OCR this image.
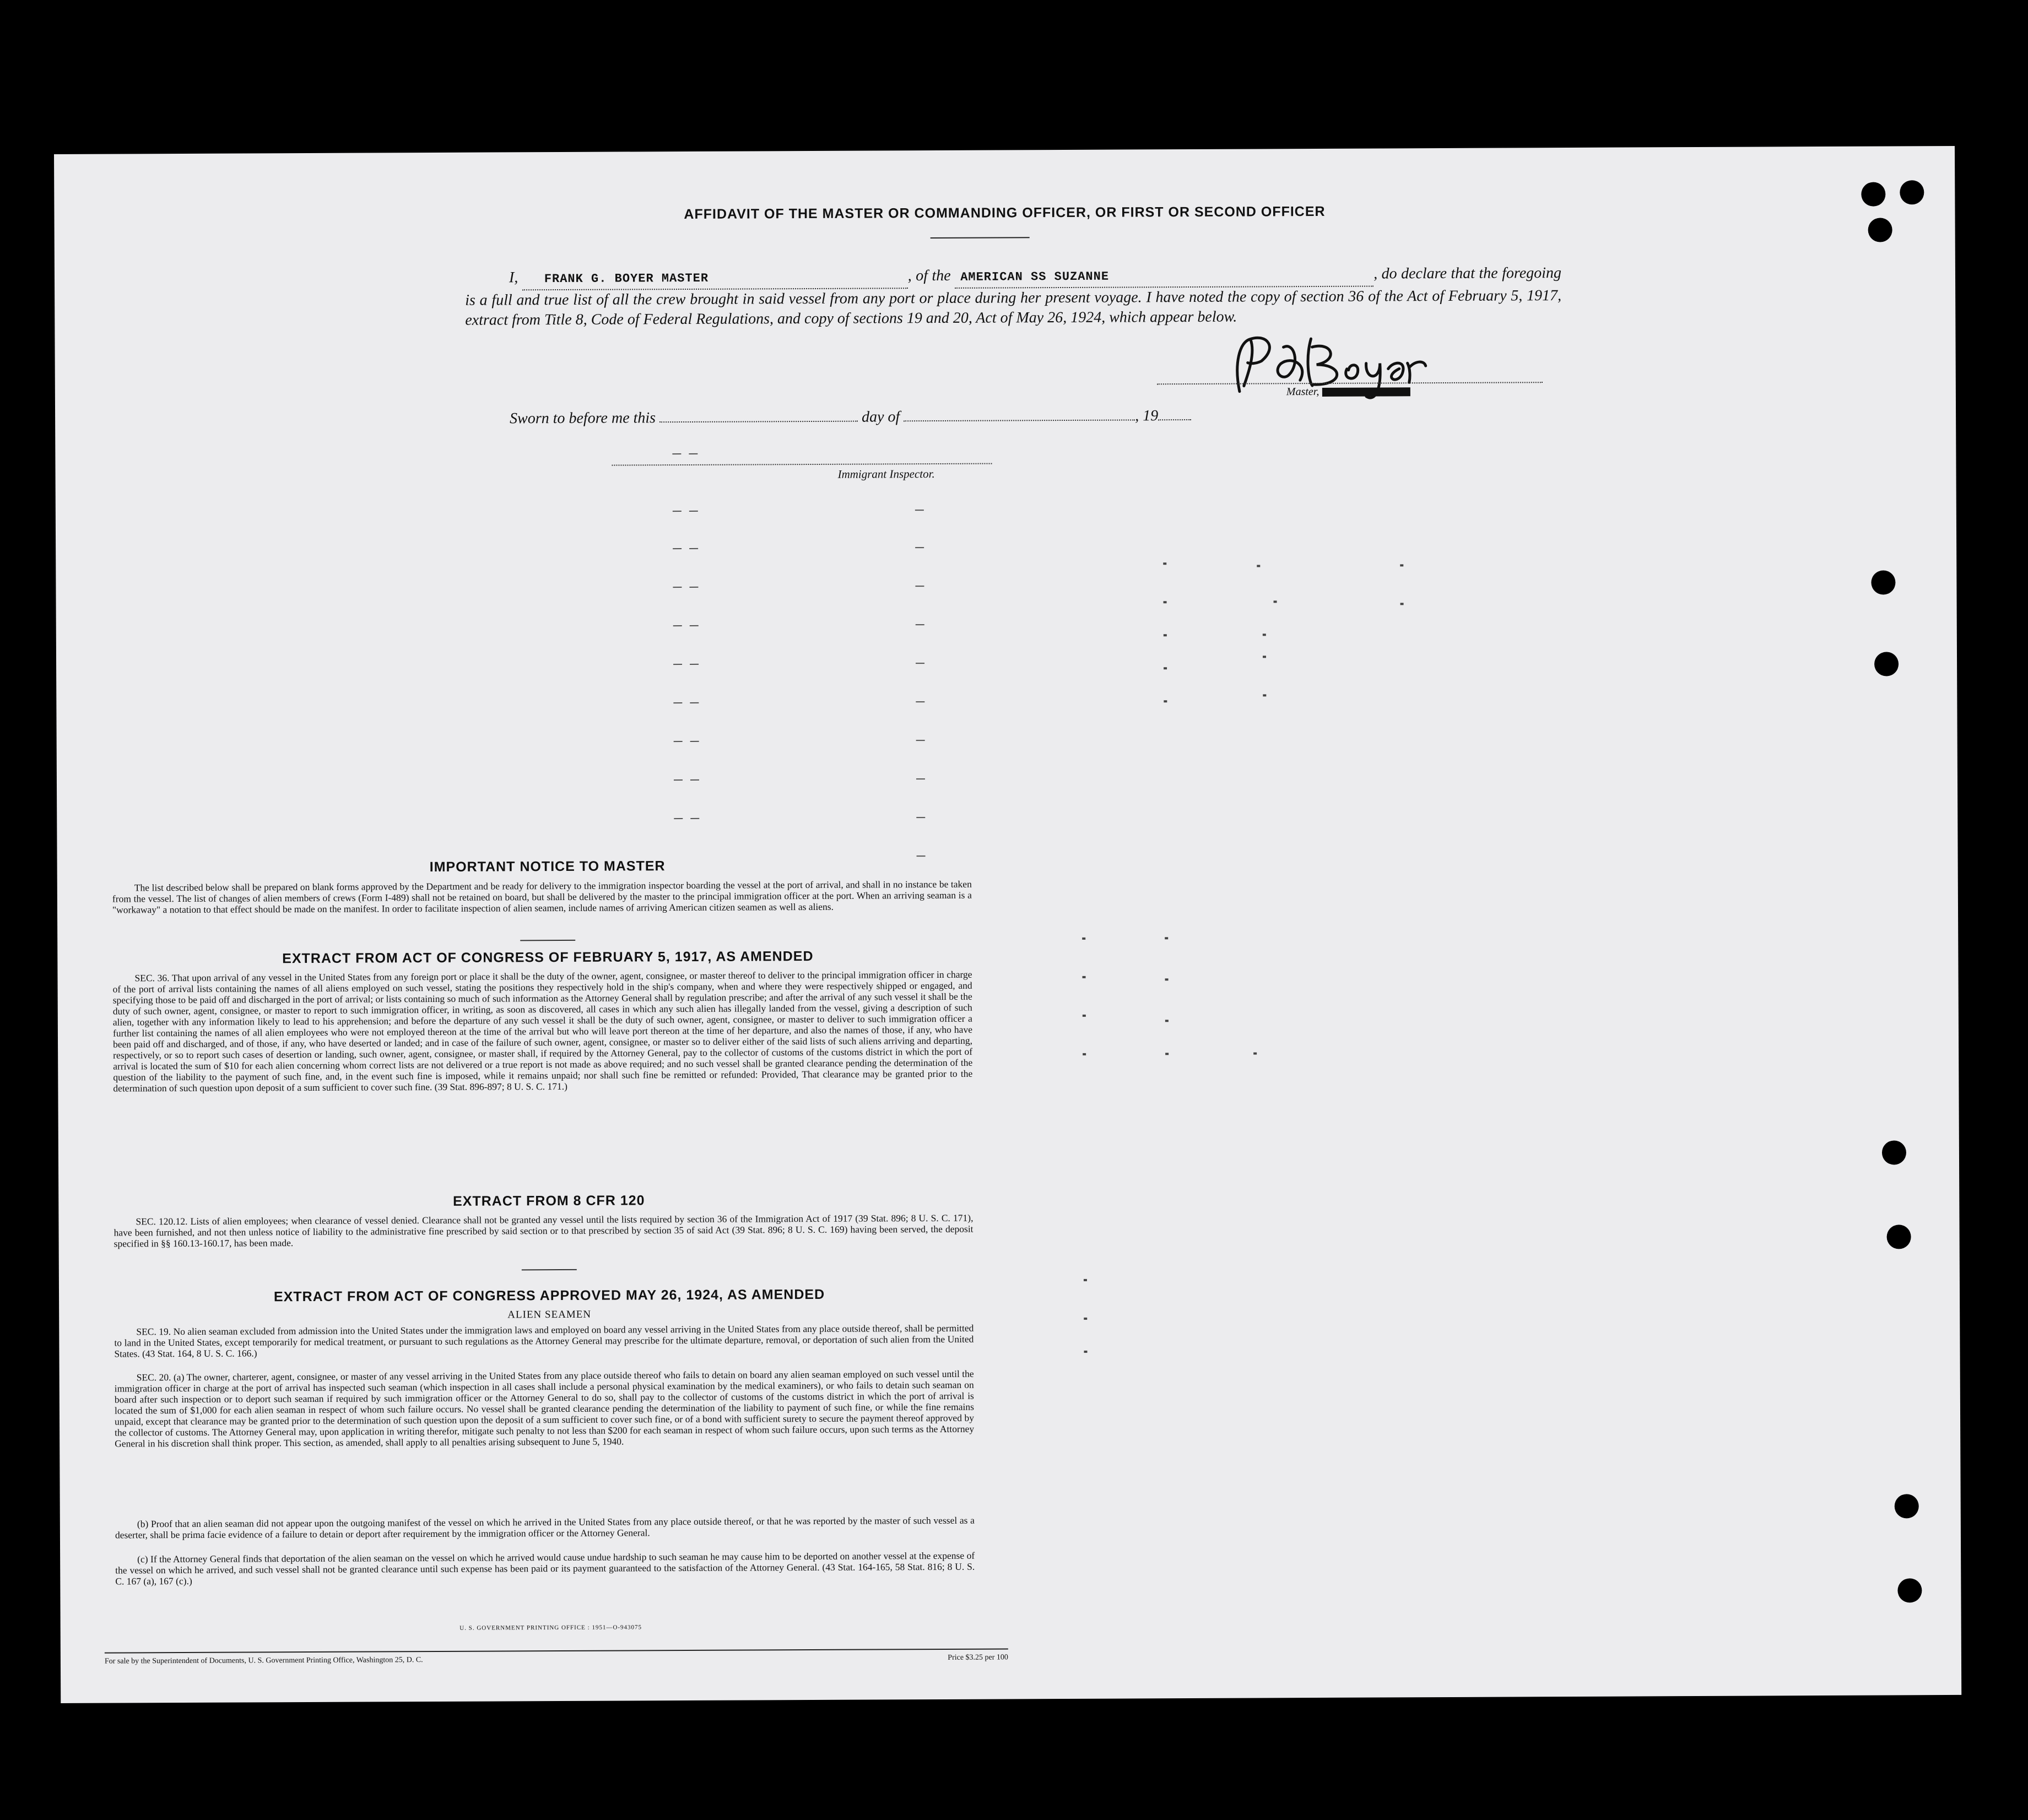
AFFIDAVIT OF THE MASTER OR COMMANDING OFFICER, OR FIRST OR SECOND OFFICER
I, FRANK G. BOYER MASTER	, of the AMERICAN SS SUZANNE	, do declare that the foregoing is a full and true list of all the crew brought in said vessel from any port or place during her present voyage. I have noted the copy of section 36 of the Act of February 5, 1917, extract from Title 8, Code of Federal Regulations, and copy of sections 19 and 20, Act of May 26, 1924, which appear below.
Master,
Sworn to before me this	day of	, 19
Immigrant Inspector.
IMPORTANT NOTICE TO MASTER
The list described below shall be prepared on blank forms approved by the Department and be ready for delivery to the immigration inspector boarding the vessel at the port of arrival, and shall in no instance be taken from the vessel. The list of changes of alien members of crews (Form I-489) shall not be retained on board, but shall be delivered by the master to the principal immigration officer at the port. When an arriving seaman is a "workaway" a notation to that effect should be made on the manifest. In order to facilitate inspection of alien seamen, include names of arriving American citizen seamen as well as aliens.
EXTRACT FROM ACT OF CONGRESS OF FEBRUARY 5, 1917, AS AMENDED
SEC. 36. That upon arrival of any vessel in the United States from any foreign port or place it shall be the duty of the owner, agent, consignee, or master thereof to deliver to the principal immigration officer in charge of the port of arrival lists containing the names of all aliens employed on such vessel, stating the positions they respectively hold in the ship's company, when and where they were respectively shipped or engaged, and specifying those to be paid off and discharged in the port of arrival; or lists containing so much of such information as the Attorney General shall by regulation prescribe; and after the arrival of any such vessel it shall be the duty of such owner, agent, consignee, or master to report to such immigration officer, in writing, as soon as discovered, all cases in which any such alien has illegally landed from the vessel, giving a description of such alien, together with any information likely to lead to his apprehension; and before the departure of any such vessel it shall be the duty of such owner, agent, consignee, or master to deliver to such immigration officer a further list containing the names of all alien employees who were not employed thereon at the time of the arrival but who will leave port thereon at the time of her departure, and also the names of those, if any, who have been paid off and discharged, and of those, if any, who have deserted or landed; and in case of the failure of such owner, agent, consignee, or master so to deliver either of the said lists of such aliens arriving and departing, respectively, or so to report such cases of desertion or landing, such owner, agent, consignee, or master shall, if required by the Attorney General, pay to the collector of customs of the customs district in which the port of arrival is located the sum of $10 for each alien concerning whom correct lists are not delivered or a true report is not made as above required; and no such vessel shall be granted clearance pending the determination of the question of the liability to the payment of such fine, and, in the event such fine is imposed, while it remains unpaid; nor shall such fine be remitted or refunded: Provided, That clearance may be granted prior to the determination of such question upon deposit of a sum sufficient to cover such fine. (39 Stat. 896-897; 8 U. S. C. 171.)
EXTRACT FROM 8 CFR 120
SEC. 120.12. Lists of alien employees; when clearance of vessel denied. Clearance shall not be granted any vessel until the lists required by section 36 of the Immigration Act of 1917 (39 Stat. 896; 8 U. S. C. 171), have been furnished, and not then unless notice of liability to the administrative fine prescribed by said section or to that prescribed by section 35 of said Act (39 Stat. 896; 8 U. S. C. 169) having been served, the deposit specified in §§ 160.13-160.17, has been made.
EXTRACT FROM ACT OF CONGRESS APPROVED MAY 26, 1924, AS AMENDED
ALIEN SEAMEN
SEC. 19. No alien seaman excluded from admission into the United States under the immigration laws and employed on board any vessel arriving in the United States from any place outside thereof, shall be permitted to land in the United States, except temporarily for medical treatment, or pursuant to such regulations as the Attorney General may prescribe for the ultimate departure, removal, or deportation of such alien from the United States. (43 Stat. 164, 8 U. S. C. 166.)
SEC. 20. (a) The owner, charterer, agent, consignee, or master of any vessel arriving in the United States from any place outside thereof who fails to detain on board any alien seaman employed on such vessel until the immigration officer in charge at the port of arrival has inspected such seaman (which inspection in all cases shall include a personal physical examination by the medical examiners), or who fails to detain such seaman on board after such inspection or to deport such seaman if required by such immigration officer or the Attorney General to do so, shall pay to the collector of customs of the customs district in which the port of arrival is located the sum of $1,000 for each alien seaman in respect of whom such failure occurs. No vessel shall be granted clearance pending the determination of the liability to payment of such fine, or while the fine remains unpaid, except that clearance may be granted prior to the determination of such question upon the deposit of a sum sufficient to cover such fine, or of a bond with sufficient surety to secure the payment thereof approved by the collector of customs. The Attorney General may, upon application in writing therefor, mitigate such penalty to not less than $200 for each seaman in respect of whom such failure occurs, upon such terms as the Attorney General in his discretion shall think proper. This section, as amended, shall apply to all penalties arising subsequent to June 5, 1940.
(b) Proof that an alien seaman did not appear upon the outgoing manifest of the vessel on which he arrived in the United States from any place outside thereof, or that he was reported by the master of such vessel as a deserter, shall be prima facie evidence of a failure to detain or deport after requirement by the immigration officer or the Attorney General.
(c) If the Attorney General finds that deportation of the alien seaman on the vessel on which he arrived would cause undue hardship to such seaman he may cause him to be deported on another vessel at the expense of the vessel on which he arrived, and such vessel shall not be granted clearance until such expense has been paid or its payment guaranteed to the satisfaction of the Attorney General. (43 Stat. 164-165, 58 Stat. 816; 8 U. S. C. 167 (a), 167 (c).)
U. S. GOVERNMENT PRINTING OFFICE : 1951—O-943075
For sale by the Superintendent of Documents, U. S. Government Printing Office, Washington 25, D. C.	Price $3.25 per 100
